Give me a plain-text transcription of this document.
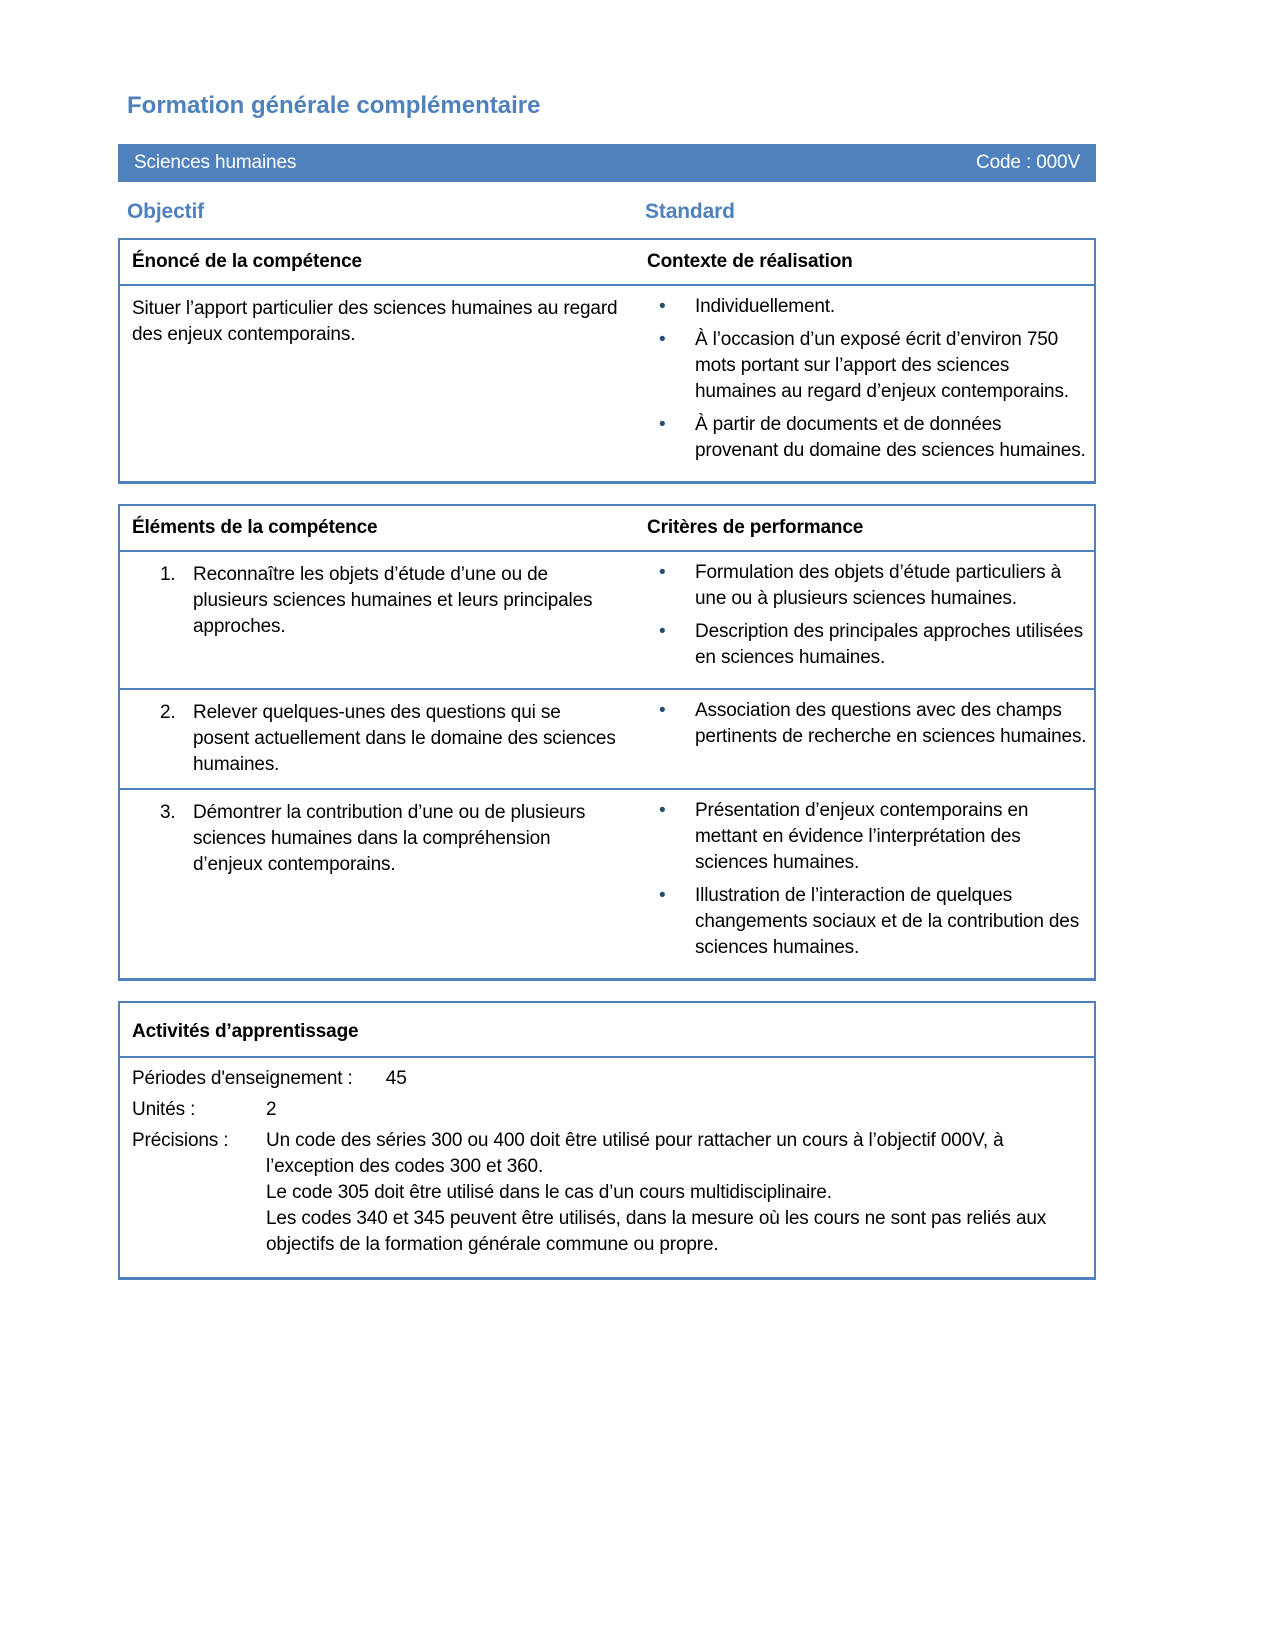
Formation générale complémentaire
Sciences humaines	Code : 000V
Objectif	Standard
Énoncé de la compétence	Contexte de réalisation
Situer l’apport particulier des sciences humaines au regard des enjeux contemporains.
•	Individuellement.
•	À l’occasion d’un exposé écrit d’environ 750 mots portant sur l’apport des sciences humaines au regard d’enjeux contemporains.
•	À partir de documents et de données provenant du domaine des sciences humaines.
Éléments de la compétence	Critères de performance
1. Reconnaître les objets d’étude d’une ou de plusieurs sciences humaines et leurs principales approches.
•	Formulation des objets d’étude particuliers à une ou à plusieurs sciences humaines.
•	Description des principales approches utilisées en sciences humaines.
2. Relever quelques-unes des questions qui se posent actuellement dans le domaine des sciences humaines.
•	Association des questions avec des champs pertinents de recherche en sciences humaines.
3. Démontrer la contribution d’une ou de plusieurs sciences humaines dans la compréhension d’enjeux contemporains.
•	Présentation d’enjeux contemporains en mettant en évidence l’interprétation des sciences humaines.
•	Illustration de l’interaction de quelques changements sociaux et de la contribution des sciences humaines.
Activités d’apprentissage
Périodes d'enseignement : 45
Unités :	2
Précisions :	Un code des séries 300 ou 400 doit être utilisé pour rattacher un cours à l’objectif 000V, à l’exception des codes 300 et 360.

Le code 305 doit être utilisé dans le cas d’un cours multidisciplinaire.

Les codes 340 et 345 peuvent être utilisés, dans la mesure où les cours ne sont pas reliés aux objectifs de la formation générale commune ou propre.
